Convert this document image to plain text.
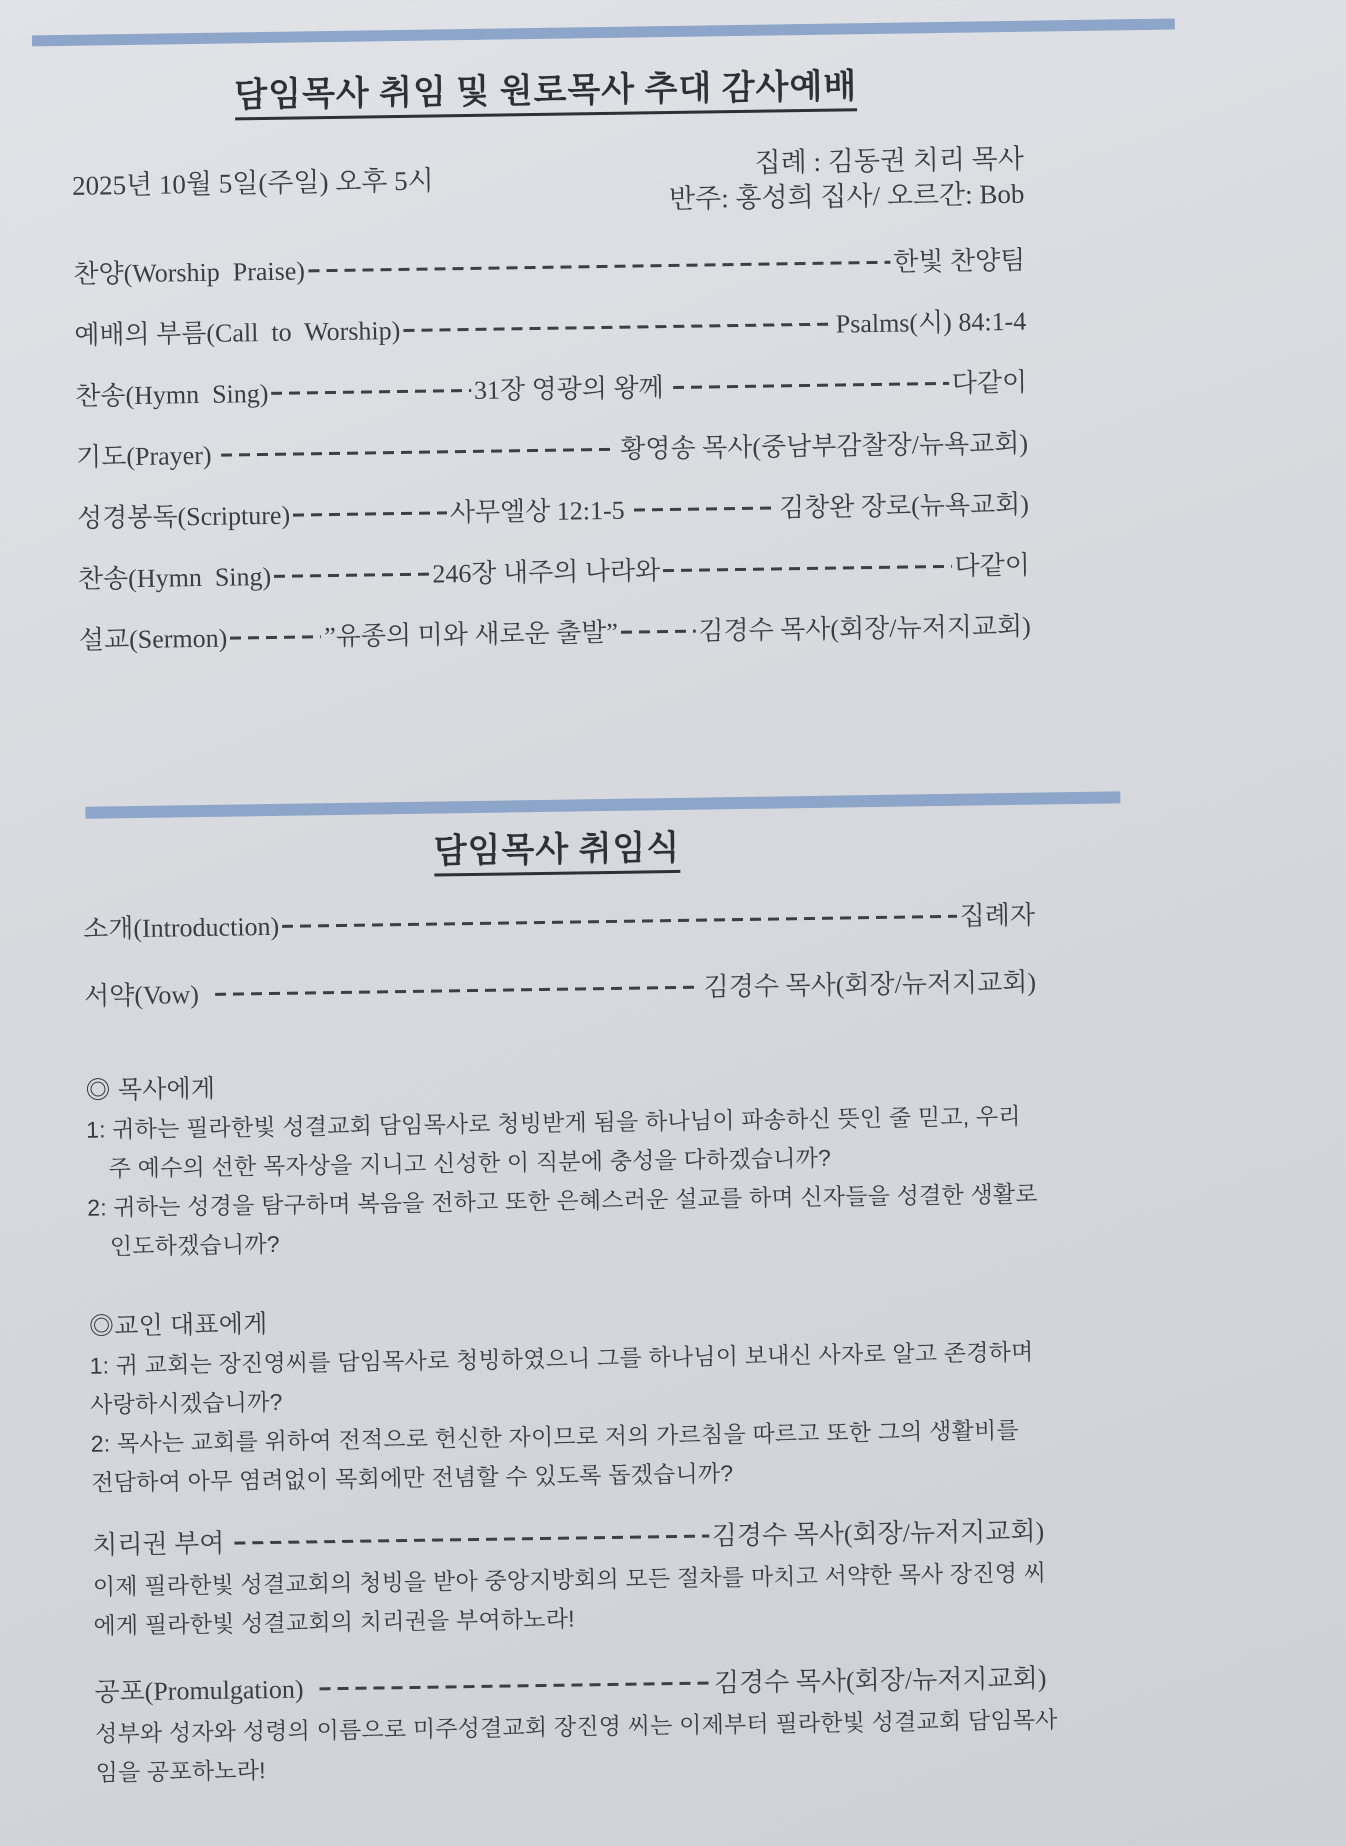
담임목사 취임 및 원로목사 추대 감사예배
2025년 10월 5일(주일) 오후 5시
집례 : 김동권 치리 목사
반주: 홍성희 집사/ 오르간: Bob
찬양(Worship  Praise)	한빛 찬양팀
예배의 부름(Call  to  Worship)	Psalms(시) 84:1-4
찬송(Hymn  Sing)	31장 영광의 왕께	다같이
기도(Prayer)	황영송 목사(중남부감찰장/뉴욕교회)
성경봉독(Scripture)	사무엘상 12:1-5	김창완 장로(뉴욕교회)
찬송(Hymn  Sing)	246장 내주의 나라와	다같이
설교(Sermon)	”유종의 미와 새로운 출발”	김경수 목사(회장/뉴저지교회)
담임목사 취임식
소개(Introduction)	집례자
서약(Vow)	김경수 목사(회장/뉴저지교회)
◎ 목사에게
1: 귀하는 필라한빛 성결교회 담임목사로 청빙받게 됨을 하나님이 파송하신 뜻인 줄 믿고, 우리
주 예수의 선한 목자상을 지니고 신성한 이 직분에 충성을 다하겠습니까?
2: 귀하는 성경을 탐구하며 복음을 전하고 또한 은혜스러운 설교를 하며 신자들을 성결한 생활로
인도하겠습니까?
◎교인 대표에게
1: 귀 교회는 장진영씨를 담임목사로 청빙하였으니 그를 하나님이 보내신 사자로 알고 존경하며
사랑하시겠습니까?
2: 목사는 교회를 위하여 전적으로 헌신한 자이므로 저의 가르침을 따르고 또한 그의 생활비를
전담하여 아무 염려없이 목회에만 전념할 수 있도록 돕겠습니까?
치리권 부여	김경수 목사(회장/뉴저지교회)
이제 필라한빛 성결교회의 청빙을 받아 중앙지방회의 모든 절차를 마치고 서약한 목사 장진영 씨
에게 필라한빛 성결교회의 치리권을 부여하노라!
공포(Promulgation)	김경수 목사(회장/뉴저지교회)
성부와 성자와 성령의 이름으로 미주성결교회 장진영 씨는 이제부터 필라한빛 성결교회 담임목사
임을 공포하노라!
